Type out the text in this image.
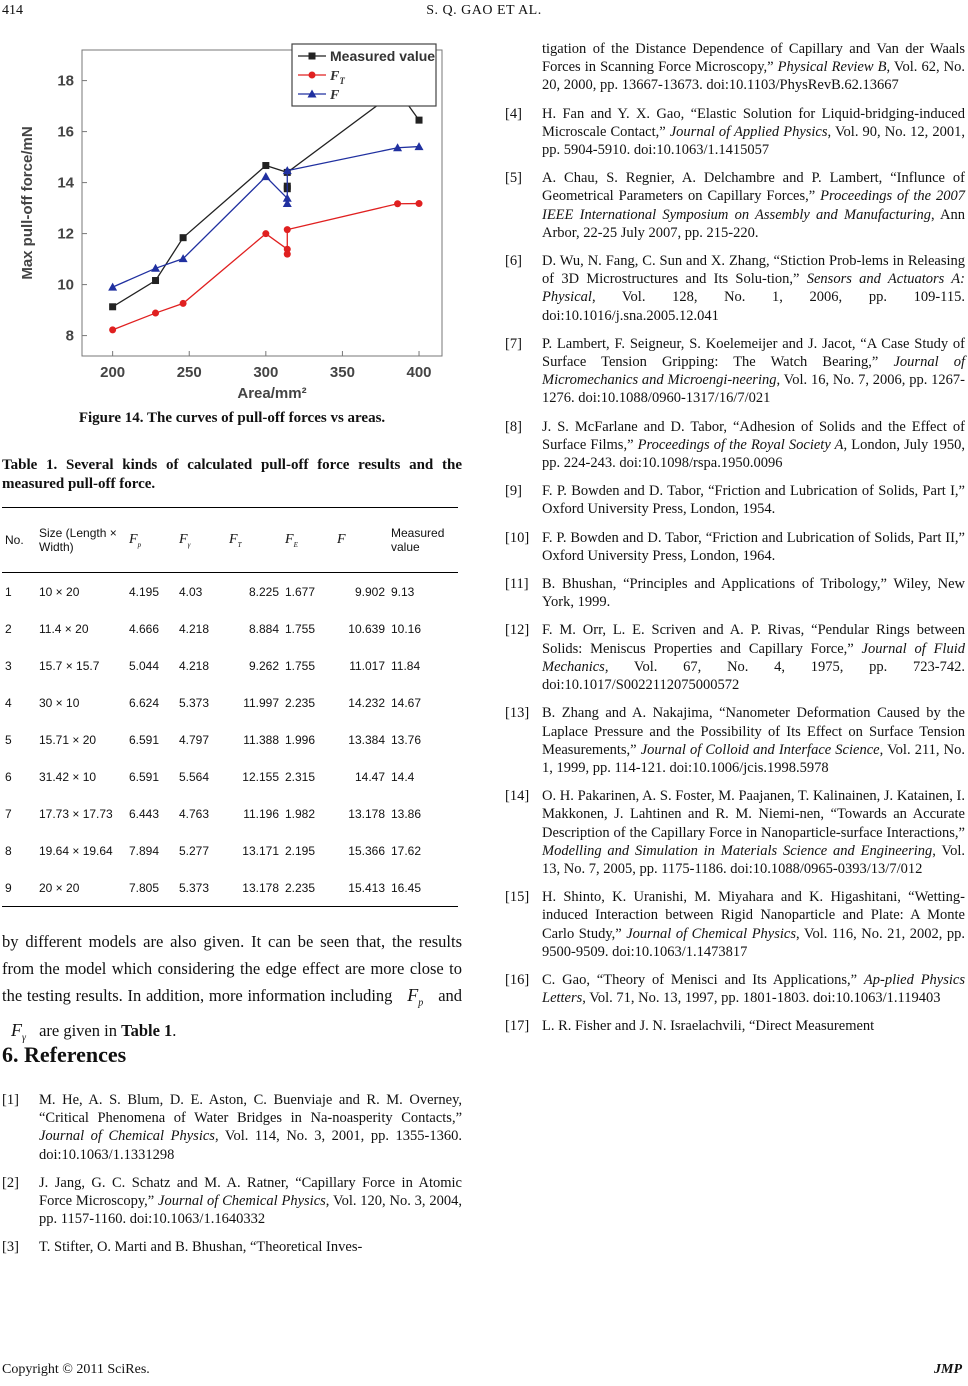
414	S. Q. GAO ET AL.
200	250	300	350	400
8
10
12
14
16
18
Area/mm²
Max pull-off force/mN
Measured value
$F_T$
F
Figure 14. The curves of pull-off forces vs areas.
Table 1. Several kinds of calculated pull-off force results and the measured pull-off force.
No.	Size (Length × Width)	$F_p$	$F_\gamma$	$F_T$	$F_E$	F	Measured value
1	10 × 20	4.195	4.03	8.225	1.677	9.902	9.13
2	11.4 × 20	4.666	4.218	8.884	1.755	10.639	10.16
3	15.7 × 15.7	5.044	4.218	9.262	1.755	11.017	11.84
4	30 × 10	6.624	5.373	11.997	2.235	14.232	14.67
5	15.71 × 20	6.591	4.797	11.388	1.996	13.384	13.76
6	31.42 × 10	6.591	5.564	12.155	2.315	14.47	14.4
7	17.73 × 17.73	6.443	4.763	11.196	1.982	13.178	13.86
8	19.64 × 19.64	7.894	5.277	13.171	2.195	15.366	17.62
9	20 × 20	7.805	5.373	13.178	2.235	15.413	16.45
by different models are also given. It can be seen that, the results from the model which considering the edge effect are more close to the testing results. In addition, more information including   $F_p$ and   $F_\gamma$ are given in Table 1.
6. References
[1] M. He, A. S. Blum, D. E. Aston, C. Buenviaje and R. M. Overney, “Critical Phenomena of Water Bridges in Na-noasperity Contacts,” Journal of Chemical Physics, Vol. 114, No. 3, 2001, pp. 1355-1360. doi:10.1063/1.1331298
[2] J. Jang, G. C. Schatz and M. A. Ratner, “Capillary Force in Atomic Force Microscopy,” Journal of Chemical Physics, Vol. 120, No. 3, 2004, pp. 1157-1160. doi:10.1063/1.1640332
[3] T. Stifter, O. Marti and B. Bhushan, “Theoretical Inves-
tigation of the Distance Dependence of Capillary and Van der Waals Forces in Scanning Force Microscopy,” Physical Review B, Vol. 62, No. 20, 2000, pp. 13667-13673. doi:10.1103/PhysRevB.62.13667
[4] H. Fan and Y. X. Gao, “Elastic Solution for Liquid-bridging-induced Microscale Contact,” Journal of Applied Physics, Vol. 90, No. 12, 2001, pp. 5904-5910. doi:10.1063/1.1415057
[5] A. Chau, S. Regnier, A. Delchambre and P. Lambert, “Influnce of Geometrical Parameters on Capillary Forces,” Proceedings of the 2007 IEEE International Symposium on Assembly and Manufacturing, Ann Arbor, 22-25 July 2007, pp. 215-220.
[6] D. Wu, N. Fang, C. Sun and X. Zhang, “Stiction Prob-lems in Releasing of 3D Microstructures and Its Solu-tion,” Sensors and Actuators A: Physical, Vol. 128, No. 1, 2006, pp. 109-115. doi:10.1016/j.sna.2005.12.041
[7] P. Lambert, F. Seigneur, S. Koelemeijer and J. Jacot, “A Case Study of Surface Tension Gripping: The Watch Bearing,” Journal of Micromechanics and Microengi-neering, Vol. 16, No. 7, 2006, pp. 1267-1276. doi:10.1088/0960-1317/16/7/021
[8] J. S. McFarlane and D. Tabor, “Adhesion of Solids and the Effect of Surface Films,” Proceedings of the Royal Society A, London, July 1950, pp. 224-243. doi:10.1098/rspa.1950.0096
[9] F. P. Bowden and D. Tabor, “Friction and Lubrication of Solids, Part I,” Oxford University Press, London, 1954.
[10] F. P. Bowden and D. Tabor, “Friction and Lubrication of Solids, Part II,” Oxford University Press, London, 1964.
[11] B. Bhushan, “Principles and Applications of Tribology,” Wiley, New York, 1999.
[12] F. M. Orr, L. E. Scriven and A. P. Rivas, “Pendular Rings between Solids: Meniscus Properties and Capillary Force,” Journal of Fluid Mechanics, Vol. 67, No. 4, 1975, pp. 723-742. doi:10.1017/S0022112075000572
[13] B. Zhang and A. Nakajima, “Nanometer Deformation Caused by the Laplace Pressure and the Possibility of Its Effect on Surface Tension Measurements,” Journal of Colloid and Interface Science, Vol. 211, No. 1, 1999, pp. 114-121. doi:10.1006/jcis.1998.5978
[14] O. H. Pakarinen, A. S. Foster, M. Paajanen, T. Kalinainen, J. Katainen, I. Makkonen, J. Lahtinen and R. M. Niemi-nen, “Towards an Accurate Description of the Capillary Force in Nanoparticle-surface Interactions,” Modelling and Simulation in Materials Science and Engineering, Vol. 13, No. 7, 2005, pp. 1175-1186. doi:10.1088/0965-0393/13/7/012
[15] H. Shinto, K. Uranishi, M. Miyahara and K. Higashitani, “Wetting-induced Interaction between Rigid Nanoparticle and Plate: A Monte Carlo Study,” Journal of Chemical Physics, Vol. 116, No. 21, 2002, pp. 9500-9509. doi:10.1063/1.1473817
[16] C. Gao, “Theory of Menisci and Its Applications,” Ap-plied Physics Letters, Vol. 71, No. 13, 1997, pp. 1801-1803. doi:10.1063/1.119403
[17] L. R. Fisher and J. N. Israelachvili, “Direct Measurement
Copyright © 2011 SciRes.	JMP
